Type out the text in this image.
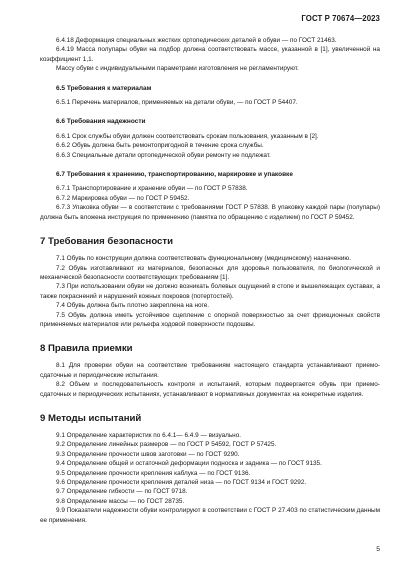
ГОСТ Р 70674—2023

6.4.18 Деформация специальных жестких ортопедических деталей в обуви — по ГОСТ 21463.

6.4.19 Масса полупары обуви на подбор должна соответствовать массе, указанной в [1], увеличенной на коэффициент 1,1.

Массу обуви с индивидуальными параметрами изготовления не регламентируют.

6.5 Требования к материалам

6.5.1 Перечень материалов, применяемых на детали обуви, — по ГОСТ Р 54407.

6.6 Требования надежности

6.6.1 Срок службы обуви должен соответствовать срокам пользования, указанным в [2].

6.6.2 Обувь должна быть ремонтопригодной в течение срока службы.

6.6.3 Специальные детали ортопедической обуви ремонту не подлежат.

6.7 Требования к хранению, транспортированию, маркировке и упаковке

6.7.1 Транспортирование и хранение обуви — по ГОСТ Р 57838.

6.7.2 Маркировка обуви — по ГОСТ Р 59452.

6.7.3 Упаковка обуви — в соответствии с требованиями ГОСТ Р 57838. В упаковку каждой пары (полупары) должна быть вложена инструкция по применению (памятка по обращению с изделием) по ГОСТ Р 59452.

7 Требования безопасности

7.1 Обувь по конструкции должна соответствовать функциональному (медицинскому) назначению.

7.2 Обувь изготавливают из материалов, безопасных для здоровья пользователя, по биологической и механической безопасности соответствующих требованиям [1].

7.3 При использовании обуви не должно возникать болевых ощущений в стопе и вышележащих суставах, а также покраснений и нарушений кожных покровов (потертостей).

7.4 Обувь должна быть плотно закреплена на ноге.

7.5 Обувь должна иметь устойчивое сцепление с опорной поверхностью за счет фрикционных свойств применяемых материалов или рельефа ходовой поверхности подошвы.

8 Правила приемки

8.1 Для проверки обуви на соответствие требованиям настоящего стандарта устанавливают приемо-сдаточные и периодические испытания.

8.2 Объем и последовательность контроля и испытаний, которым подвергается обувь при приемо-сдаточных и периодических испытаниях, устанавливают в нормативных документах на конкретные изделия.

9 Методы испытаний

9.1 Определение характеристик по 6.4.1— 6.4.9 — визуально.

9.2 Определение линейных размеров — по ГОСТ Р 54592, ГОСТ Р 57425.

9.3 Определение прочности швов заготовки — по ГОСТ 9290.

9.4 Определение общей и остаточной деформации подноска и задника — по ГОСТ 9135.

9.5 Определение прочности крепления каблука — по ГОСТ 9136.

9.6 Определение прочности крепления деталей низа — по ГОСТ 9134 и ГОСТ 9292.

9.7 Определение гибкости — по ГОСТ 9718.

9.8 Определение массы — по ГОСТ 28735.

9.9 Показатели надежности обуви контролируют в соответствии с ГОСТ Р 27.403 по статистическим данным ее применения.

5
